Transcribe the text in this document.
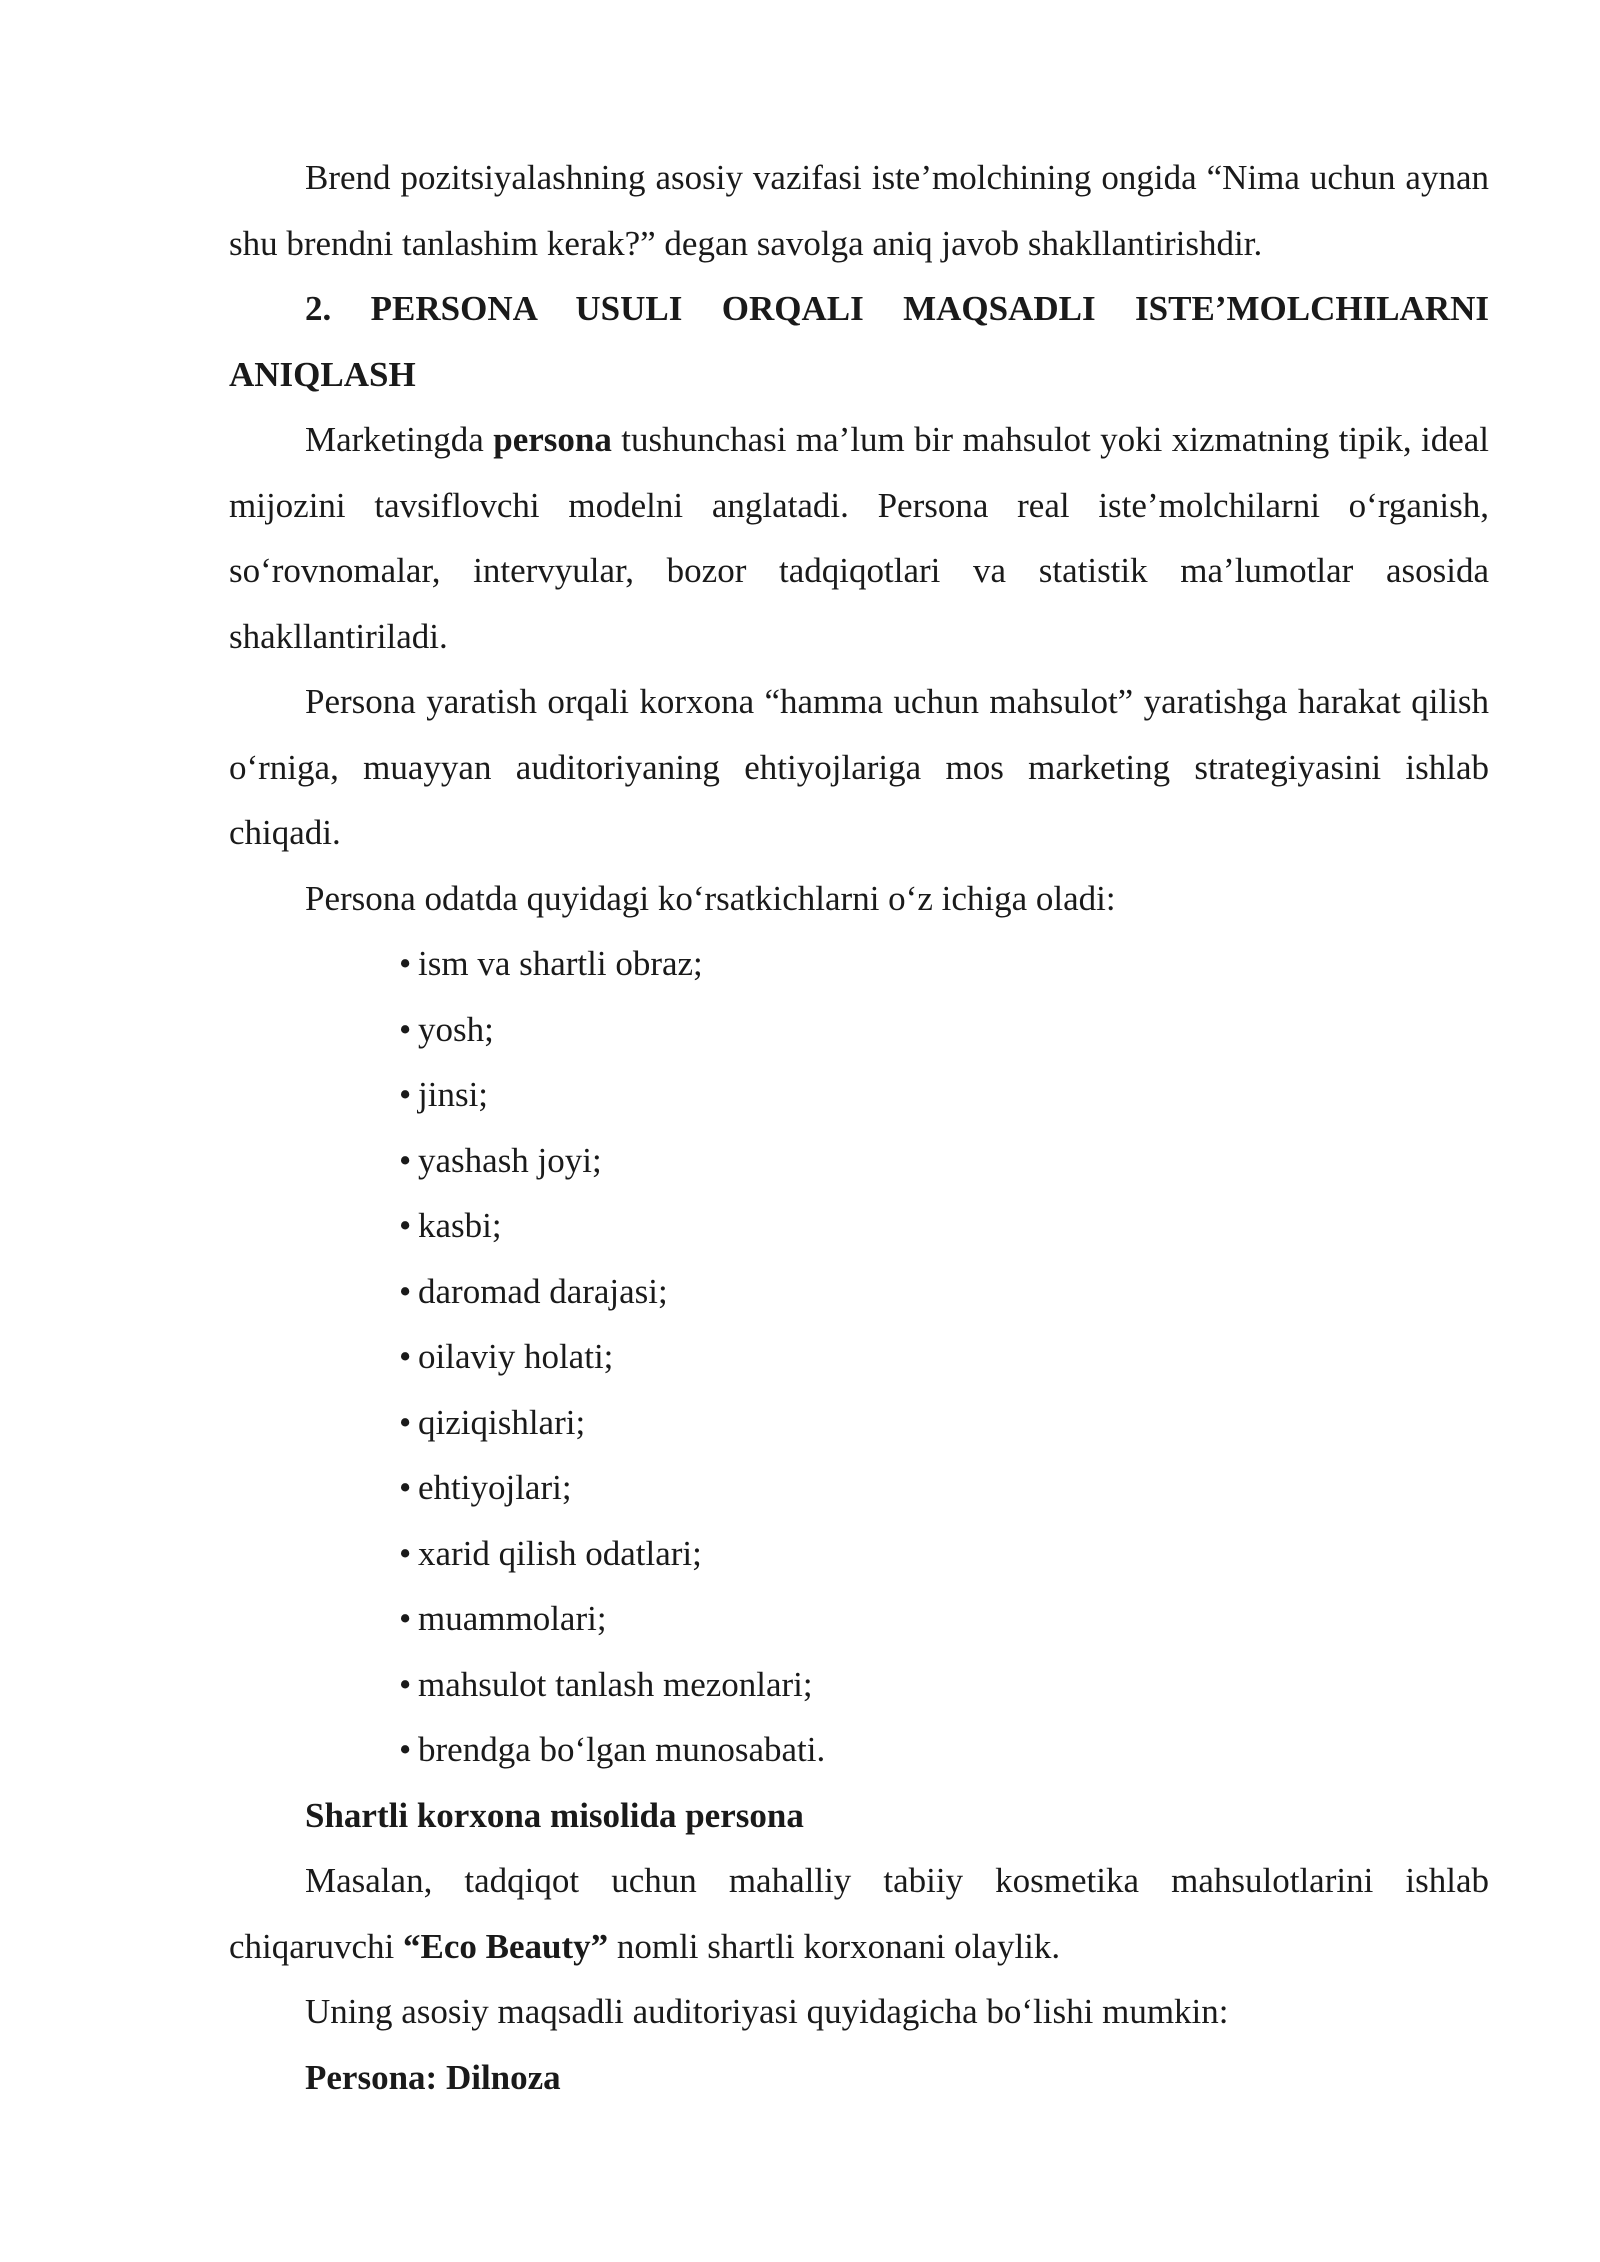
Brend pozitsiyalashning asosiy vazifasi iste’molchining ongida “Nima uchun aynan shu brendni tanlashim kerak?” degan savolga aniq javob shakllantirishdir.

2. PERSONA USULI ORQALI MAQSADLI ISTE’MOLCHILARNI ANIQLASH

Marketingda persona tushunchasi ma’lum bir mahsulot yoki xizmatning tipik, ideal mijozini tavsiflovchi modelni anglatadi. Persona real iste’molchilarni o‘rganish, so‘rovnomalar, intervyular, bozor tadqiqotlari va statistik ma’lumotlar asosida shakllantiriladi.

Persona yaratish orqali korxona “hamma uchun mahsulot” yaratishga harakat qilish o‘rniga, muayyan auditoriyaning ehtiyojlariga mos marketing strategiyasini ishlab chiqadi.

Persona odatda quyidagi ko‘rsatkichlarni o‘z ichiga oladi:

• ism va shartli obraz;
• yosh;
• jinsi;
• yashash joyi;
• kasbi;
• daromad darajasi;
• oilaviy holati;
• qiziqishlari;
• ehtiyojlari;
• xarid qilish odatlari;
• muammolari;
• mahsulot tanlash mezonlari;
• brendga bo‘lgan munosabati.

Shartli korxona misolida persona

Masalan, tadqiqot uchun mahalliy tabiiy kosmetika mahsulotlarini ishlab chiqaruvchi “Eco Beauty” nomli shartli korxonani olaylik.

Uning asosiy maqsadli auditoriyasi quyidagicha bo‘lishi mumkin:

Persona: Dilnoza
